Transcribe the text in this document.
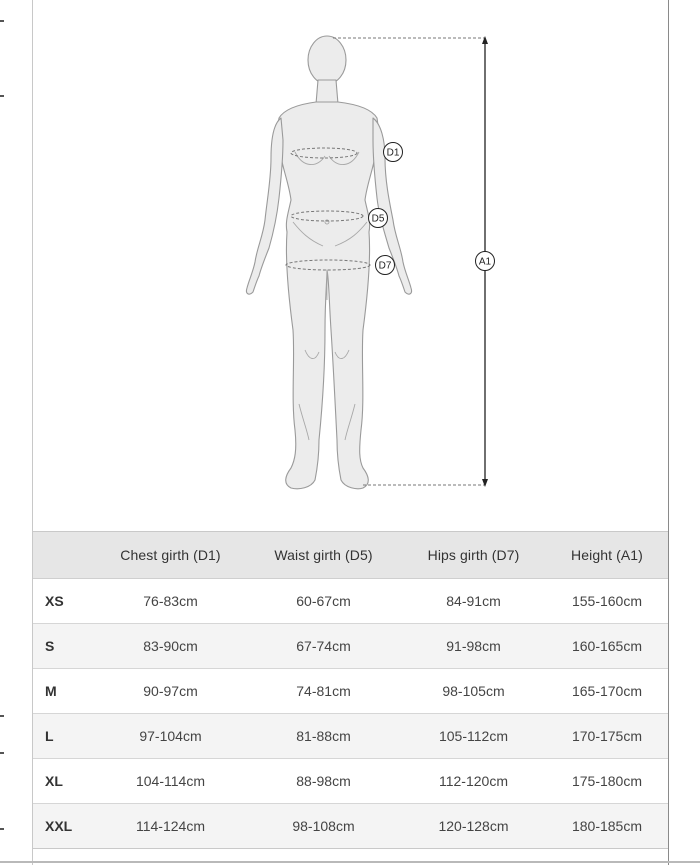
D1
D5
D7	A1
	Chest girth (D1)	Waist girth (D5)	Hips girth (D7)	Height (A1)
XS	76-83cm	60-67cm	84-91cm	155-160cm
S	83-90cm	67-74cm	91-98cm	160-165cm
M	90-97cm	74-81cm	98-105cm	165-170cm
L	97-104cm	81-88cm	105-112cm	170-175cm
XL	104-114cm	88-98cm	112-120cm	175-180cm
XXL	114-124cm	98-108cm	120-128cm	180-185cm
